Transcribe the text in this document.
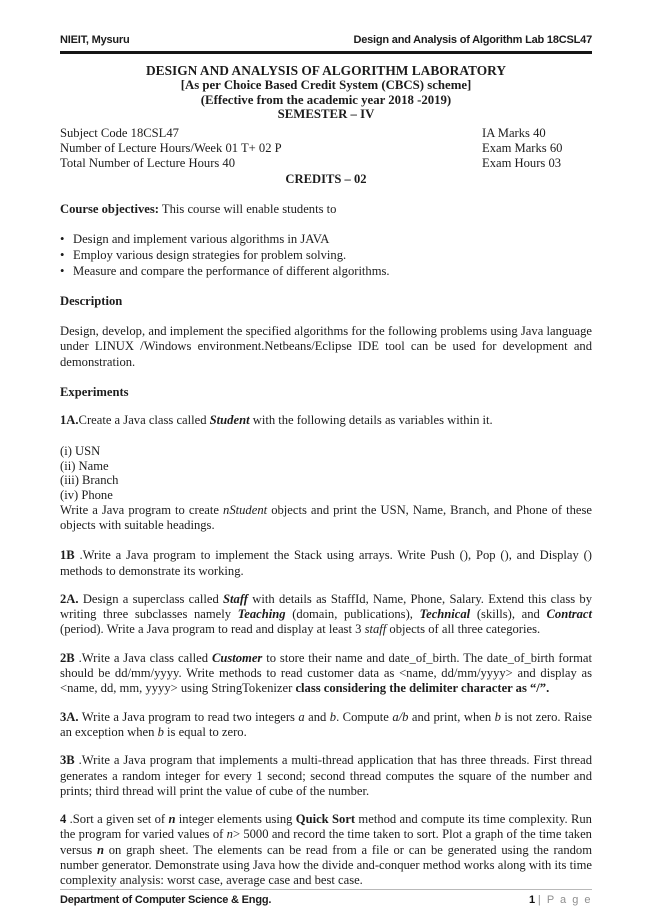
NIEIT, Mysuru	Design and Analysis of Algorithm Lab 18CSL47
DESIGN AND ANALYSIS OF ALGORITHM LABORATORY
[As per Choice Based Credit System (CBCS) scheme]
(Effective from the academic year 2018 -2019)
SEMESTER – IV
Subject Code 18CSL47	IA Marks 40
Number of Lecture Hours/Week 01 T+ 02 P	Exam Marks 60
Total Number of Lecture Hours 40	Exam Hours 03
CREDITS – 02

Course objectives: This course will enable students to

• Design and implement various algorithms in JAVA
• Employ various design strategies for problem solving.
• Measure and compare the performance of different algorithms.

Description

Design, develop, and implement the specified algorithms for the following problems using Java language under LINUX /Windows environment.Netbeans/Eclipse IDE tool can be used for development and demonstration.

Experiments

1A.Create a Java class called Student with the following details as variables within it.

(i) USN
(ii) Name
(iii) Branch
(iv) Phone

Write a Java program to create nStudent objects and print the USN, Name, Branch, and Phone of these objects with suitable headings.

1B .Write a Java program to implement the Stack using arrays. Write Push (), Pop (), and Display () methods to demonstrate its working.

2A. Design a superclass called Staff with details as StaffId, Name, Phone, Salary. Extend this class by writing three subclasses namely Teaching (domain, publications), Technical (skills), and Contract (period). Write a Java program to read and display at least 3 staff objects of all three categories.

2B .Write a Java class called Customer to store their name and date_of_birth. The date_of_birth format should be dd/mm/yyyy. Write methods to read customer data as <name, dd/mm/yyyy> and display as <name, dd, mm, yyyy> using StringTokenizer class considering the delimiter character as “/”.

3A. Write a Java program to read two integers a and b. Compute a/b and print, when b is not zero. Raise an exception when b is equal to zero.

3B .Write a Java program that implements a multi-thread application that has three threads. First thread generates a random integer for every 1 second; second thread computes the square of the number and prints; third thread will print the value of cube of the number.

4 .Sort a given set of n integer elements using Quick Sort method and compute its time complexity. Run the program for varied values of n> 5000 and record the time taken to sort. Plot a graph of the time taken versus n on graph sheet. The elements can be read from a file or can be generated using the random number generator. Demonstrate using Java how the divide and-conquer method works along with its time complexity analysis: worst case, average case and best case.

Department of Computer Science & Engg.	1 | P a g e
